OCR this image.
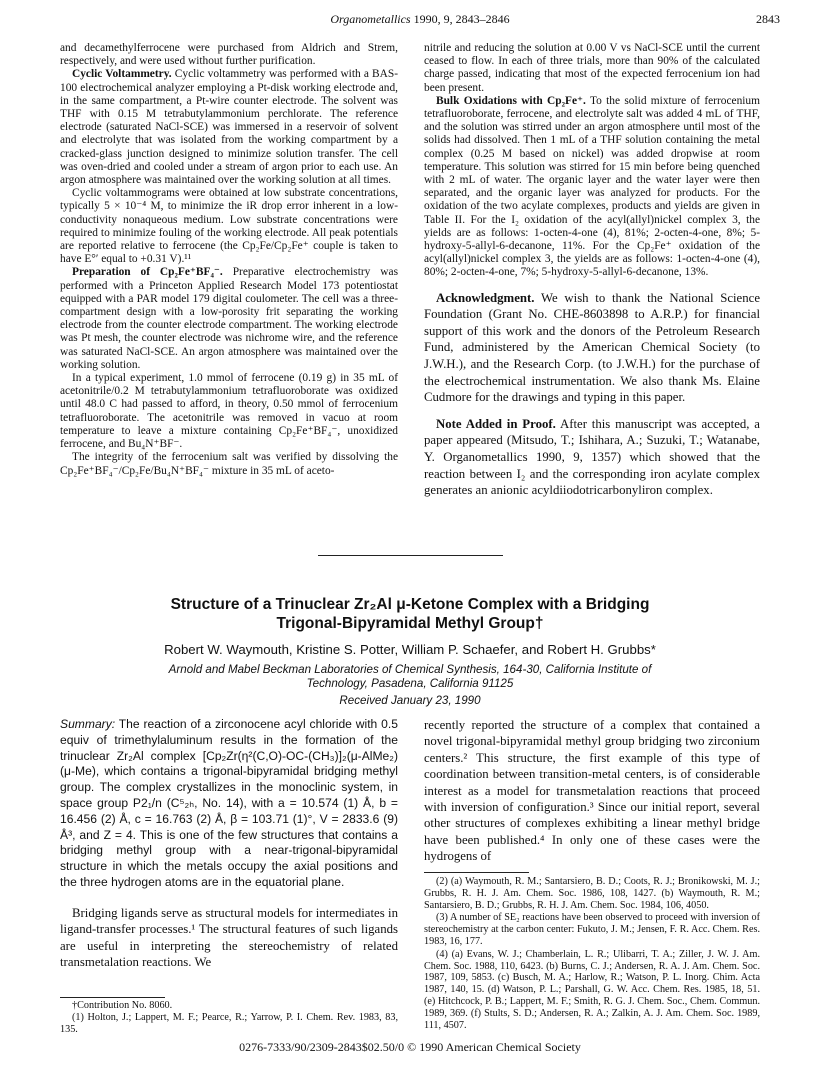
Organometallics 1990, 9, 2843–2846	2843

and decamethylferrocene were purchased from Aldrich and Strem, respectively, and were used without further purification.

Cyclic Voltammetry. Cyclic voltammetry was performed with a BAS-100 electrochemical analyzer employing a Pt-disk working electrode and, in the same compartment, a Pt-wire counter electrode. The solvent was THF with 0.15 M tetrabutylammonium perchlorate. The reference electrode (saturated NaCl-SCE) was immersed in a reservoir of solvent and electrolyte that was isolated from the working compartment by a cracked-glass junction designed to minimize solution transfer. The cell was oven-dried and cooled under a stream of argon prior to each use. An argon atmosphere was maintained over the working solution at all times.

Cyclic voltammograms were obtained at low substrate concentrations, typically 5 × 10⁻⁴ M, to minimize the iR drop error inherent in a low-conductivity nonaqueous medium. Low substrate concentrations were required to minimize fouling of the working electrode. All peak potentials are reported relative to ferrocene (the Cp₂Fe/Cp₂Fe⁺ couple is taken to have E°′ equal to +0.31 V).¹¹

Preparation of Cp₂Fe⁺BF₄⁻. Preparative electrochemistry was performed with a Princeton Applied Research Model 173 potentiostat equipped with a PAR model 179 digital coulometer. The cell was a three-compartment design with a low-porosity frit separating the working electrode from the counter electrode compartment. The working electrode was Pt mesh, the counter electrode was nichrome wire, and the reference was saturated NaCl-SCE. An argon atmosphere was maintained over the working solution.

In a typical experiment, 1.0 mmol of ferrocene (0.19 g) in 35 mL of acetonitrile/0.2 M tetrabutylammonium tetrafluoroborate was oxidized until 48.0 C had passed to afford, in theory, 0.50 mmol of ferrocenium tetrafluoroborate. The acetonitrile was removed in vacuo at room temperature to leave a mixture containing Cp₂Fe⁺BF₄⁻, unoxidized ferrocene, and Bu₄N⁺BF⁻.

The integrity of the ferrocenium salt was verified by dissolving the Cp₂Fe⁺BF₄⁻/Cp₂Fe/Bu₄N⁺BF₄⁻ mixture in 35 mL of aceto-

nitrile and reducing the solution at 0.00 V vs NaCl-SCE until the current ceased to flow. In each of three trials, more than 90% of the calculated charge passed, indicating that most of the expected ferrocenium ion had been present.

Bulk Oxidations with Cp₂Fe⁺. To the solid mixture of ferrocenium tetrafluoroborate, ferrocene, and electrolyte salt was added 4 mL of THF, and the solution was stirred under an argon atmosphere until most of the solids had dissolved. Then 1 mL of a THF solution containing the metal complex (0.25 M based on nickel) was added dropwise at room temperature. This solution was stirred for 15 min before being quenched with 2 mL of water. The organic layer and the water layer were then separated, and the organic layer was analyzed for products. For the oxidation of the two acylate complexes, products and yields are given in Table II. For the I₂ oxidation of the acyl(allyl)nickel complex 3, the yields are as follows: 1-octen-4-one (4), 81%; 2-octen-4-one, 8%; 5-hydroxy-5-allyl-6-decanone, 11%. For the Cp₂Fe⁺ oxidation of the acyl(allyl)nickel complex 3, the yields are as follows: 1-octen-4-one (4), 80%; 2-octen-4-one, 7%; 5-hydroxy-5-allyl-6-decanone, 13%.

Acknowledgment. We wish to thank the National Science Foundation (Grant No. CHE-8603898 to A.R.P.) for financial support of this work and the donors of the Petroleum Research Fund, administered by the American Chemical Society (to J.W.H.), and the Research Corp. (to J.W.H.) for the purchase of the electrochemical instrumentation. We also thank Ms. Elaine Cudmore for the drawings and typing in this paper.

Note Added in Proof. After this manuscript was accepted, a paper appeared (Mitsudo, T.; Ishihara, A.; Suzuki, T.; Watanabe, Y. Organometallics 1990, 9, 1357) which showed that the reaction between I₂ and the corresponding iron acylate complex generates an anionic acyldiiodotricarbonyliron complex.

Structure of a Trinuclear Zr₂Al μ-Ketone Complex with a Bridging
Trigonal-Bipyramidal Methyl Group†
Robert W. Waymouth, Kristine S. Potter, William P. Schaefer, and Robert H. Grubbs*
Arnold and Mabel Beckman Laboratories of Chemical Synthesis, 164-30, California Institute of
Technology, Pasadena, California 91125
Received January 23, 1990
Summary: The reaction of a zirconocene acyl chloride with 0.5 equiv of trimethylaluminum results in the formation of the trinuclear Zr₂Al complex [Cp₂Zr(η²(C,O)-OC-(CH₃)]₂(μ-AlMe₂)(μ-Me), which contains a trigonal-bipyramidal bridging methyl group. The complex crystallizes in the monoclinic system, in space group P2₁/n (C⁵₂ₕ, No. 14), with a = 10.574 (1) Å, b = 16.456 (2) Å, c = 16.763 (2) Å, β = 103.71 (1)°, V = 2833.6 (9) Å³, and Z = 4. This is one of the few structures that contains a bridging methyl group with a near-trigonal-bipyramidal structure in which the metals occupy the axial positions and the three hydrogen atoms are in the equatorial plane.
Bridging ligands serve as structural models for intermediates in ligand-transfer processes.¹ The structural features of such ligands are useful in interpreting the stereochemistry of related transmetalation reactions. We

†Contribution No. 8060.

(1) Holton, J.; Lappert, M. F.; Pearce, R.; Yarrow, P. I. Chem. Rev. 1983, 83, 135.

recently reported the structure of a complex that contained a novel trigonal-bipyramidal methyl group bridging two zirconium centers.² This structure, the first example of this type of coordination between transition-metal centers, is of considerable interest as a model for transmetalation reactions that proceed with inversion of configuration.³ Since our initial report, several other structures of complexes exhibiting a linear methyl bridge have been published.⁴ In only one of these cases were the hydrogens of

(2) (a) Waymouth, R. M.; Santarsiero, B. D.; Coots, R. J.; Bronikowski, M. J.; Grubbs, R. H. J. Am. Chem. Soc. 1986, 108, 1427. (b) Waymouth, R. M.; Santarsiero, B. D.; Grubbs, R. H. J. Am. Chem. Soc. 1984, 106, 4050.

(3) A number of SE₂ reactions have been observed to proceed with inversion of stereochemistry at the carbon center: Fukuto, J. M.; Jensen, F. R. Acc. Chem. Res. 1983, 16, 177.

(4) (a) Evans, W. J.; Chamberlain, L. R.; Ulibarri, T. A.; Ziller, J. W. J. Am. Chem. Soc. 1988, 110, 6423. (b) Burns, C. J.; Andersen, R. A. J. Am. Chem. Soc. 1987, 109, 5853. (c) Busch, M. A.; Harlow, R.; Watson, P. L. Inorg. Chim. Acta 1987, 140, 15. (d) Watson, P. L.; Parshall, G. W. Acc. Chem. Res. 1985, 18, 51. (e) Hitchcock, P. B.; Lappert, M. F.; Smith, R. G. J. Chem. Soc., Chem. Commun. 1989, 369. (f) Stults, S. D.; Andersen, R. A.; Zalkin, A. J. Am. Chem. Soc. 1989, 111, 4507.

0276-7333/90/2309-2843$02.50/0 © 1990 American Chemical Society
